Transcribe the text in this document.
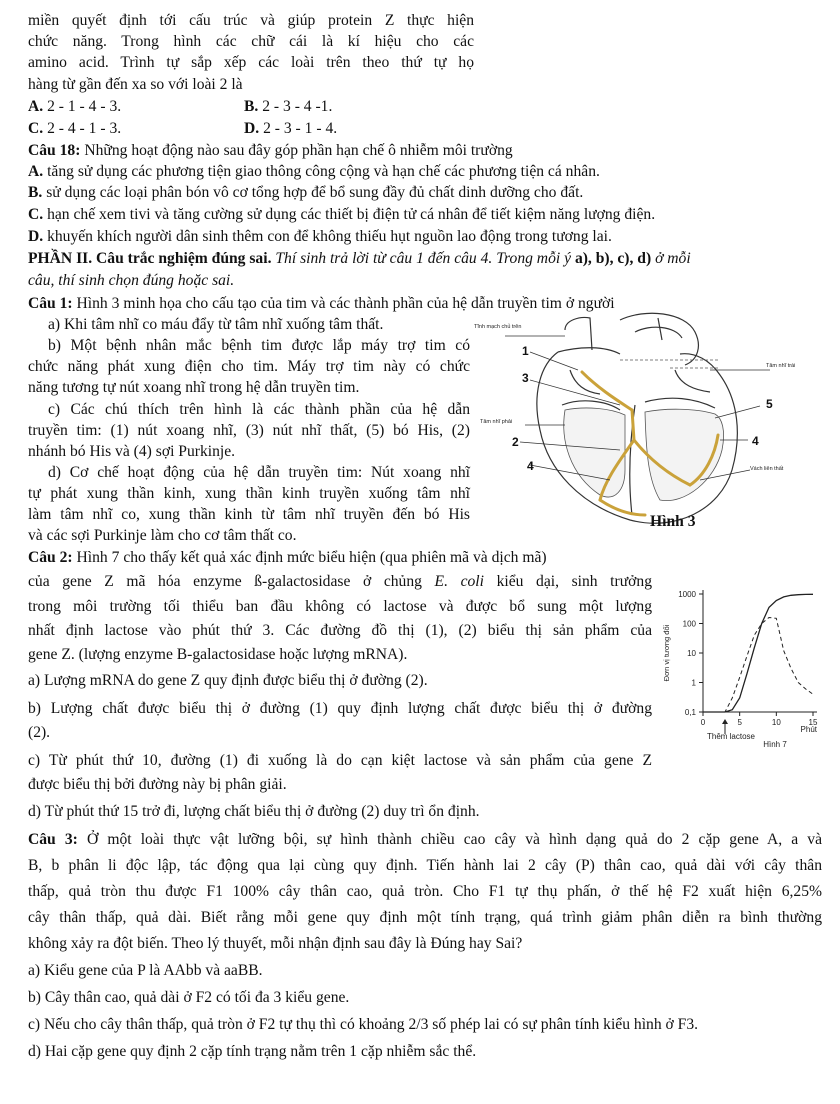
miền quyết định tới cấu trúc và giúp protein Z thực hiện
chức năng. Trong hình các chữ cái là kí hiệu cho các
amino acid. Trình tự sắp xếp các loài trên theo thứ tự họ
hàng từ gần đến xa so với loài 2 là
A. 2 - 1 - 4 - 3.	B. 2 - 3 - 4 -1.
C. 2 - 4 - 1 - 3.	D. 2 - 3 - 1 - 4.
Câu 18: Những hoạt động nào sau đây góp phần hạn chế ô nhiễm môi trường
A. tăng sử dụng các phương tiện giao thông công cộng và hạn chế các phương tiện cá nhân.
B. sử dụng các loại phân bón vô cơ tổng hợp để bổ sung đầy đủ chất dinh dưỡng cho đất.
C. hạn chế xem tivi và tăng cường sử dụng các thiết bị điện tử cá nhân để tiết kiệm năng lượng điện.
D. khuyến khích người dân sinh thêm con để không thiếu hụt nguồn lao động trong tương lai.
PHẦN II. Câu trắc nghiệm đúng sai. Thí sinh trả lời từ câu 1 đến câu 4. Trong mỗi ý a), b), c), d) ở mỗi
câu, thí sinh chọn đúng hoặc sai.
Câu 1: Hình 3 minh họa cho cấu tạo của tim và các thành phần của hệ dẫn truyền tim ở người
a) Khi tâm nhĩ co máu đẩy từ tâm nhĩ xuống tâm thất.
b) Một bệnh nhân mắc bệnh tim được lắp máy trợ tim có
chức năng phát xung điện cho tim. Máy trợ tim này có chức
năng tương tự nút xoang nhĩ trong hệ dẫn truyền tim.
c) Các chú thích trên hình là các thành phần của hệ dẫn
truyền tim: (1) nút xoang nhĩ, (3) nút nhĩ thất, (5) bó His, (2)
nhánh bó His và (4) sợi Purkinje.
d) Cơ chế hoạt động của hệ dẫn truyền tim: Nút xoang nhĩ
tự phát xung thần kinh, xung thần kinh truyền xuống tâm nhĩ
làm tâm nhĩ co, xung thần kinh từ tâm nhĩ truyền đến bó His
và các sợi Purkinje làm cho cơ tâm thất co.
Tĩnh mạch chủ trên
Tâm nhĩ trái
Tâm nhĩ phải
Vách liên thất
1
3
2
4
5
4
Hình 3
Câu 2: Hình 7 cho thấy kết quả xác định mức biểu hiện (qua phiên mã và dịch mã)
của gene Z mã hóa enzyme ß-galactosidase ở chủng E. coli kiểu dại, sinh trưởng
trong môi trường tối thiểu ban đầu không có lactose và được bổ sung một lượng
nhất định lactose vào phút thứ 3. Các đường đồ thị (1), (2) biểu thị sản phẩm của
gene Z. (lượng enzyme Β-galactosidase hoặc lượng mRNA).
a) Lượng mRNA do gene Z quy định được biểu thị ở đường (2).
b) Lượng chất được biểu thị ở đường (1) quy định lượng chất được biểu thị ở đường
(2).
c) Từ phút thứ 10, đường (1) đi xuống là do cạn kiệt lactose và sản phẩm của gene Z
được biểu thị bởi đường này bị phân giải.
d) Từ phút thứ 15 trở đi, lượng chất biểu thị ở đường (2) duy trì ổn định.
0,1
1
10
100
1000
0	5	10	15
Đơn vị tương đối
Phút
Thêm lactose
Hình 7
Câu 3: Ở một loài thực vật lưỡng bội, sự hình thành chiều cao cây và hình dạng quả do 2 cặp gene A, a và
B, b phân li độc lập, tác động qua lại cùng quy định. Tiến hành lai 2 cây (P) thân cao, quả dài với cây thân
thấp, quả tròn thu được F1 100% cây thân cao, quả tròn. Cho F1 tự thụ phấn, ở thế hệ F2 xuất hiện 6,25%
cây thân thấp, quả dài. Biết rằng mỗi gene quy định một tính trạng, quá trình giảm phân diễn ra bình thường
không xảy ra đột biến. Theo lý thuyết, mỗi nhận định sau đây là Đúng hay Sai?
a) Kiểu gene của P là AAbb và aaBB.
b) Cây thân cao, quả dài ở F2 có tối đa 3 kiểu gene.
c) Nếu cho cây thân thấp, quả tròn ở F2 tự thụ thì có khoảng 2/3 số phép lai có sự phân tính kiểu hình ở F3.
d) Hai cặp gene quy định 2 cặp tính trạng nằm trên 1 cặp nhiễm sắc thể.
